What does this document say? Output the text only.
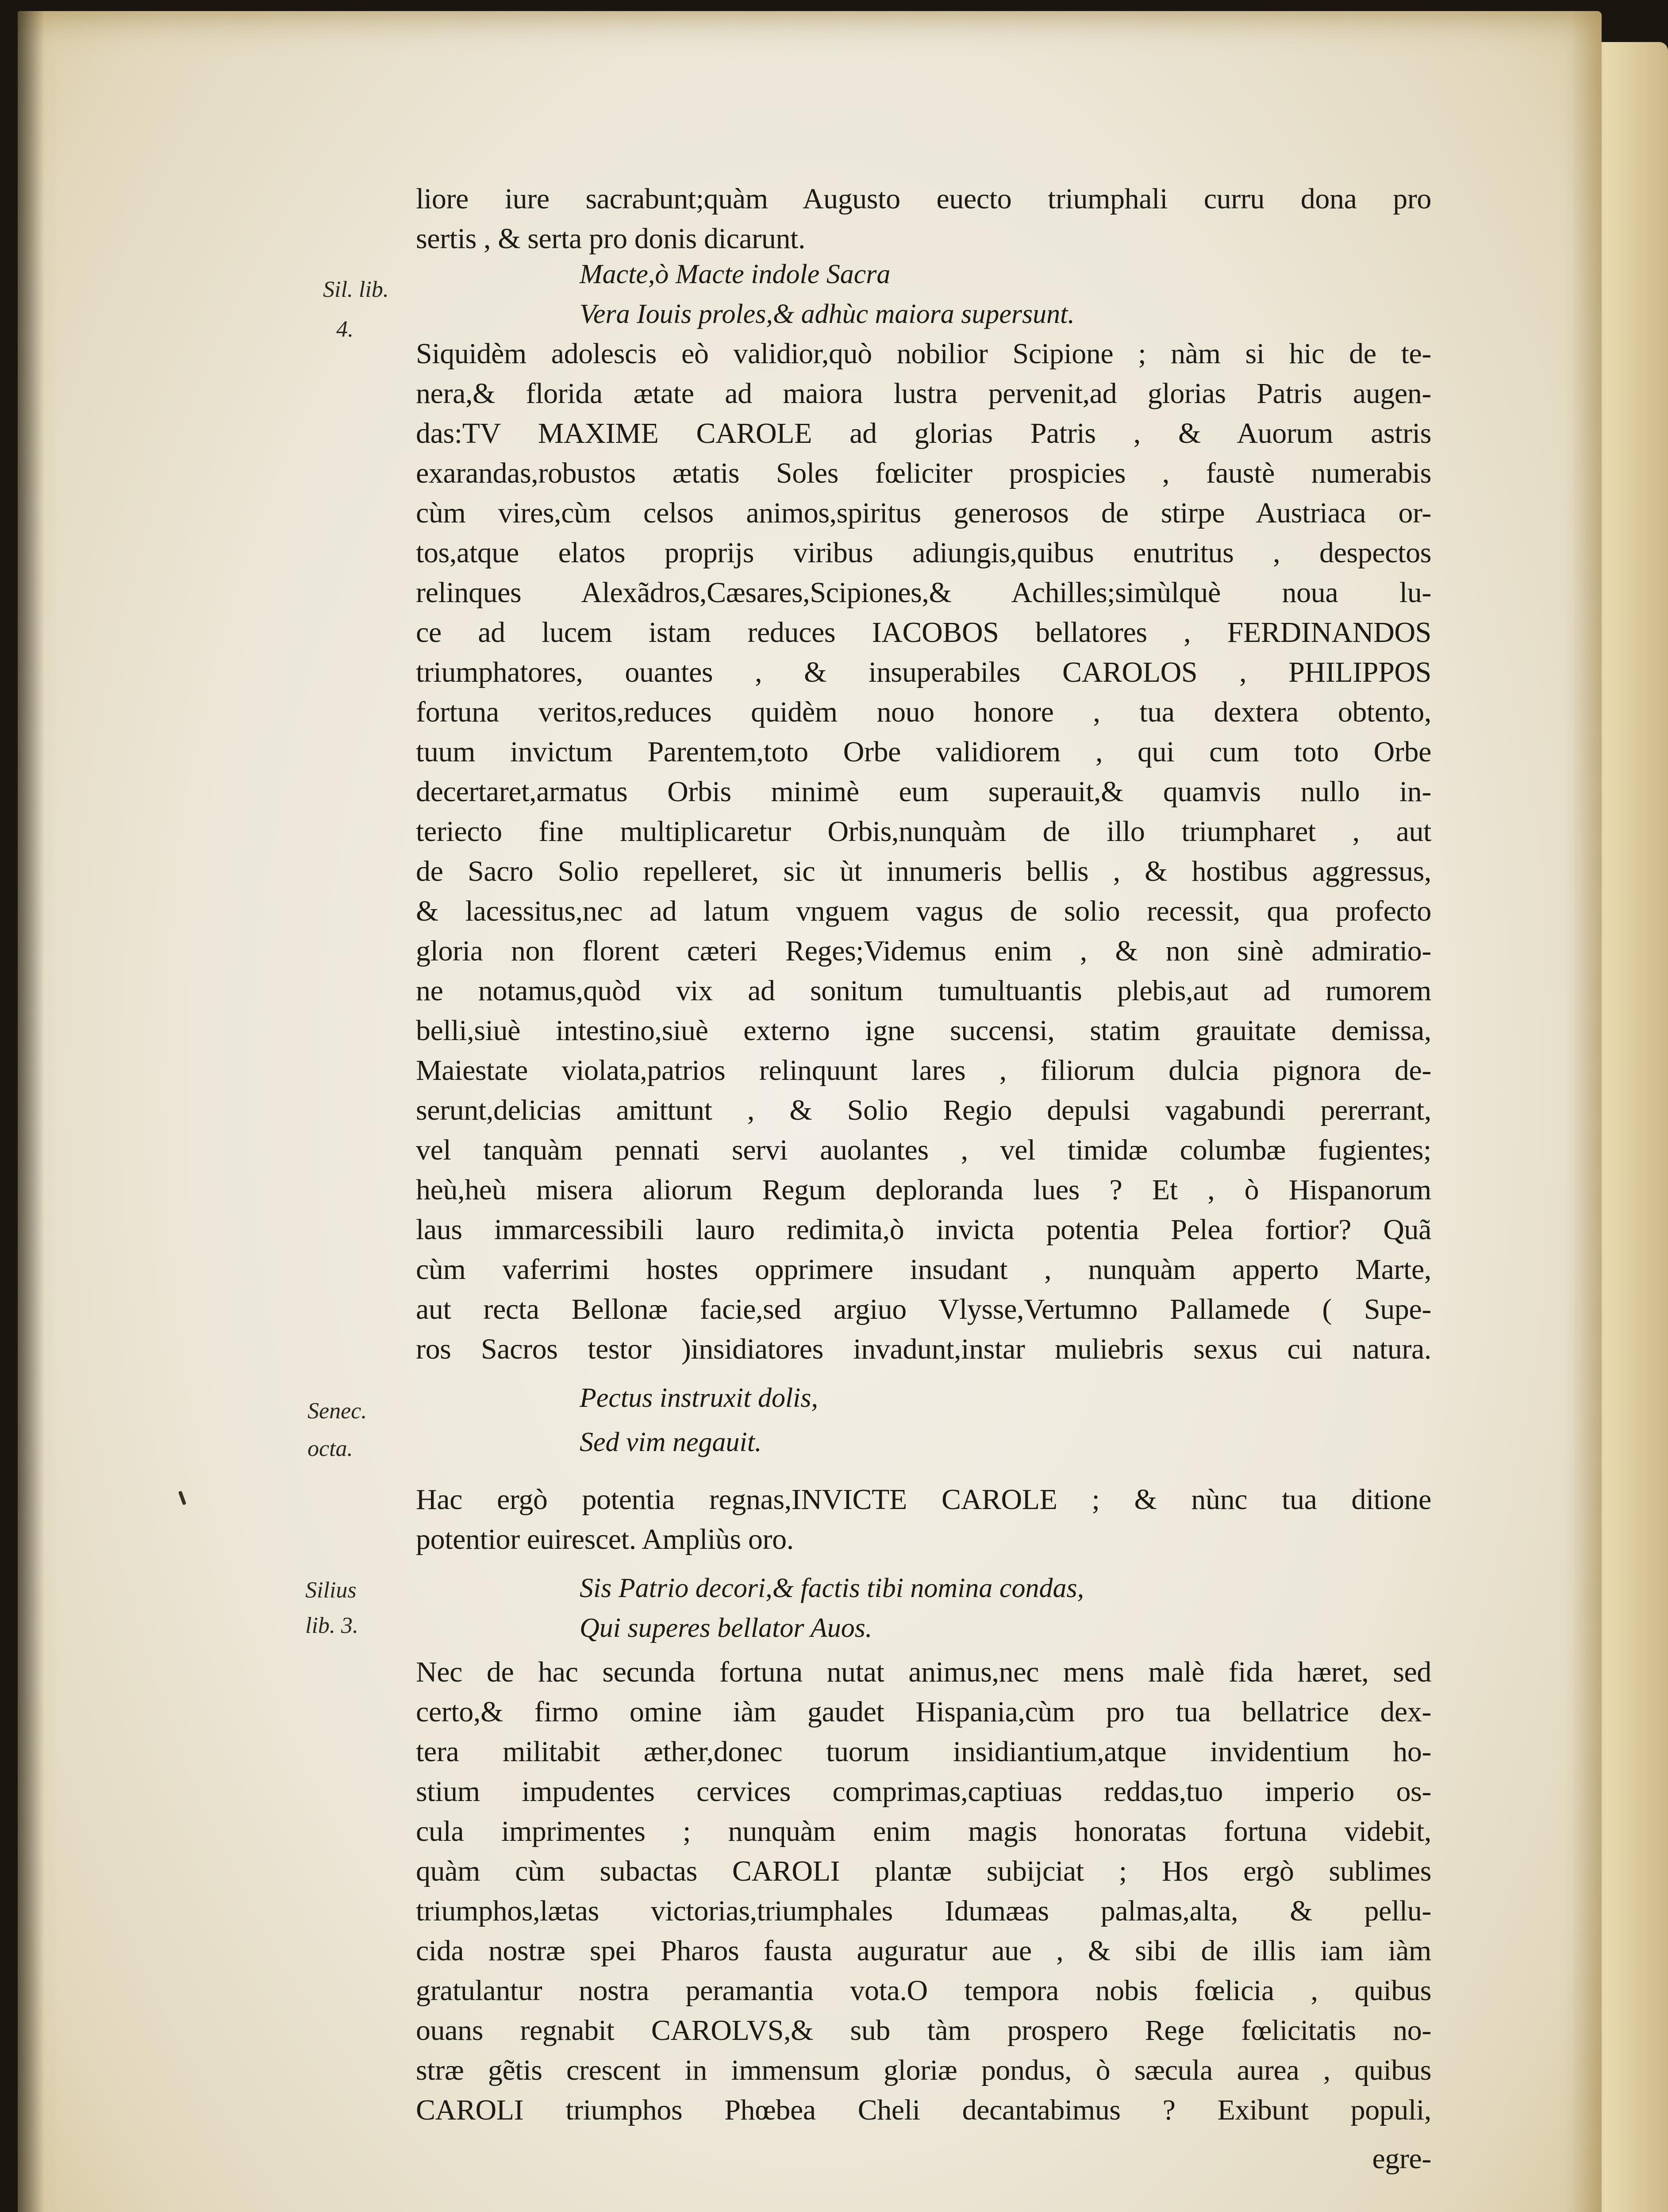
liore iure sacrabunt;quàm Augusto euecto triumphali curru dona pro
sertis , & serta pro donis dicarunt.
Macte,ò Macte indole Sacra
Vera Iouis proles,& adhùc maiora supersunt.
Sil. lib.
4.
Siquidèm adolescis eò validior,quò nobilior Scipione ; nàm si hic de te-
nera,& florida ætate ad maiora lustra pervenit,ad glorias Patris augen-
das:TV MAXIME CAROLE ad glorias Patris , & Auorum astris
exarandas,robustos ætatis Soles fœliciter prospicies , faustè numerabis
cùm vires,cùm celsos animos,spiritus generosos de stirpe Austriaca or-
tos,atque elatos proprijs viribus adiungis,quibus enutritus , despectos
relinques Alexãdros,Cæsares,Scipiones,& Achilles;simùlquè noua lu-
ce ad lucem istam reduces IACOBOS bellatores , FERDINANDOS
triumphatores, ouantes , & insuperabiles CAROLOS , PHILIPPOS
fortuna veritos,reduces quidèm nouo honore , tua dextera obtento,
tuum invictum Parentem,toto Orbe validiorem , qui cum toto Orbe
decertaret,armatus Orbis minimè eum superauit,& quamvis nullo in-
teriecto fine multiplicaretur Orbis,nunquàm de illo triumpharet , aut
de Sacro Solio repelleret, sic ùt innumeris bellis , & hostibus aggressus,
& lacessitus,nec ad latum vnguem vagus de solio recessit, qua profecto
gloria non florent cæteri Reges;Videmus enim , & non sinè admiratio-
ne notamus,quòd vix ad sonitum tumultuantis plebis,aut ad rumorem
belli,siuè intestino,siuè externo igne succensi, statim grauitate demissa,
Maiestate violata,patrios relinquunt lares , filiorum dulcia pignora de-
serunt,delicias amittunt , & Solio Regio depulsi vagabundi pererrant,
vel tanquàm pennati servi auolantes , vel timidæ columbæ fugientes;
heù,heù misera aliorum Regum deploranda lues ? Et , ò Hispanorum
laus immarcessibili lauro redimita,ò invicta potentia Pelea fortior? Quã
cùm vaferrimi hostes opprimere insudant , nunquàm apperto Marte,
aut recta Bellonæ facie,sed argiuo Vlysse,Vertumno Pallamede ( Supe-
ros Sacros testor )insidiatores invadunt,instar muliebris sexus cui natura.
Pectus instruxit dolis,
Sed vim negauit.
Senec.
octa.
Hac ergò potentia regnas,INVICTE CAROLE ; & nùnc tua ditione
potentior euirescet. Ampliùs oro.
Sis Patrio decori,& factis tibi nomina condas,
Qui superes bellator Auos.
Silius
lib. 3.
Nec de hac secunda fortuna nutat animus,nec mens malè fida hæret, sed
certo,& firmo omine iàm gaudet Hispania,cùm pro tua bellatrice dex-
tera militabit æther,donec tuorum insidiantium,atque invidentium ho-
stium impudentes cervices comprimas,captiuas reddas,tuo imperio os-
cula imprimentes ; nunquàm enim magis honoratas fortuna videbit,
quàm cùm subactas CAROLI plantæ subijciat ; Hos ergò sublimes
triumphos,lætas victorias,triumphales Idumæas palmas,alta, & pellu-
cida nostræ spei Pharos fausta auguratur aue , & sibi de illis iam iàm
gratulantur nostra peramantia vota.O tempora nobis fœlicia , quibus
ouans regnabit CAROLVS,& sub tàm prospero Rege fœlicitatis no-
stræ gẽtis crescent in immensum gloriæ pondus, ò sæcula aurea , quibus
CAROLI triumphos Phœbea Cheli decantabimus ? Exibunt populi,
egre-
